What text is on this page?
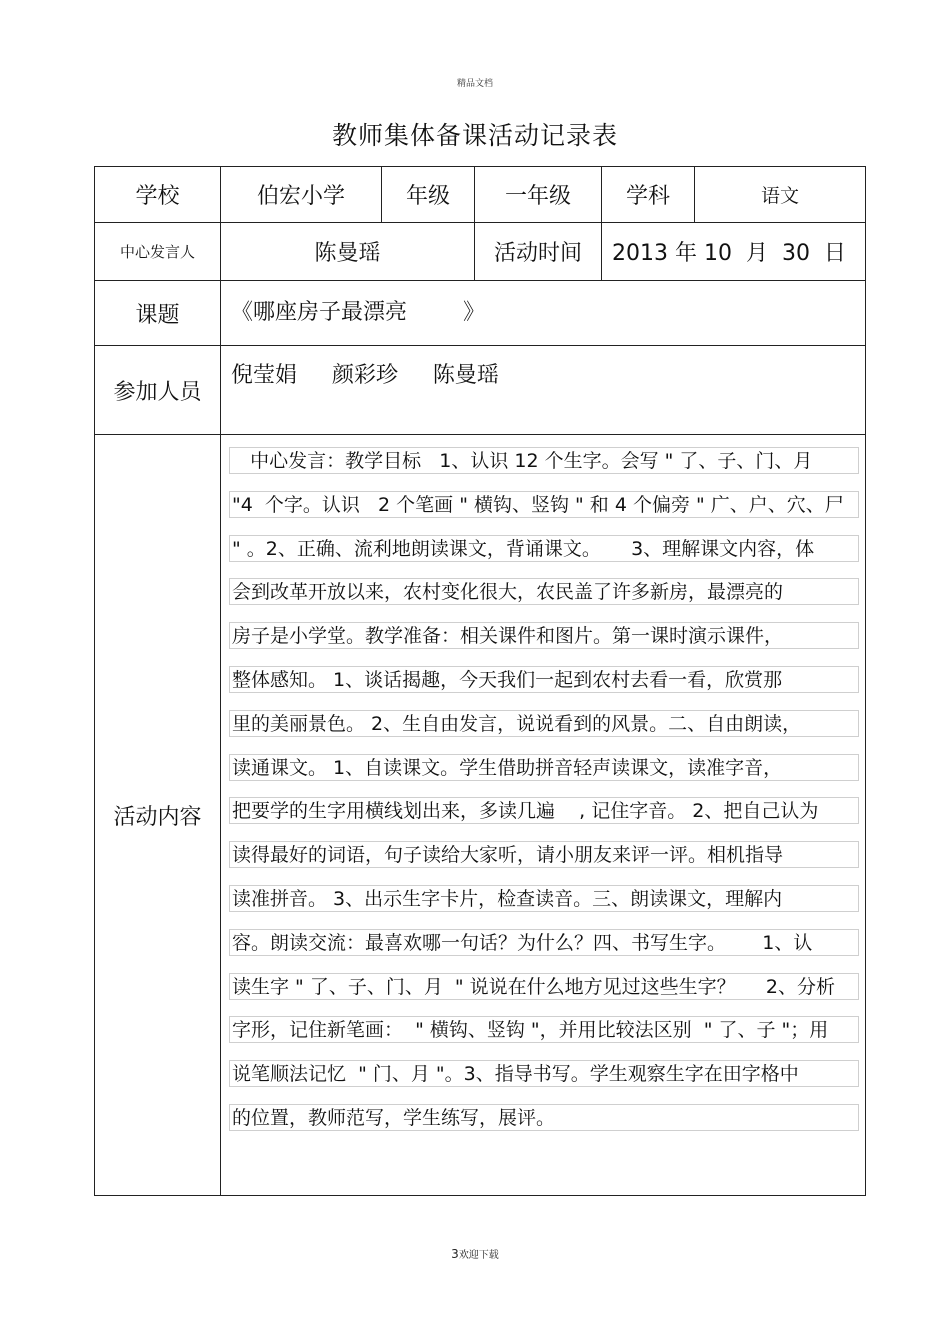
精品文档
教师集体备课活动记录表
学校	伯宏小学	年级	一年级	学科	语文
中心发言人	陈曼瑶	活动时间	2013 年 10  月  30  日
课题	《哪座房子最漂亮        》
参加人员
倪莹娟     颜彩珍     陈曼瑶
活动内容
中心发言：教学目标   1、认识 12 个生字。会写 " 了、子、门、月
"4  个字。认识   2 个笔画 " 横钩、竖钩 " 和 4 个偏旁 " 广、户、穴、尸
" 。2、正确、流利地朗读课文，背诵课文。     3、理解课文内容，体
会到改革开放以来，农村变化很大，农民盖了许多新房，最漂亮的
房子是小学堂。教学准备：相关课件和图片。第一课时演示课件，
整体感知。 1、谈话揭趣，今天我们一起到农村去看一看，欣赏那
里的美丽景色。 2、生自由发言，说说看到的风景。二、自由朗读，
读通课文。 1、自读课文。学生借助拼音轻声读课文，读准字音，
把要学的生字用横线划出来，多读几遍    , 记住字音。 2、把自己认为
读得最好的词语，句子读给大家听，请小朋友来评一评。相机指导
读准拼音。 3、出示生字卡片，检查读音。三、朗读课文，理解内
容。朗读交流：最喜欢哪一句话？为什么？四、书写生字。      1、认
读生字 " 了、子、门、月  " 说说在什么地方见过这些生字？     2、分析
字形，记住新笔画：  " 横钩、竖钩 "，并用比较法区别  " 了、子 "；用
说笔顺法记忆  " 门、月 "。3、指导书写。学生观察生字在田字格中
的位置，教师范写，学生练写，展评。
3欢迎下载
